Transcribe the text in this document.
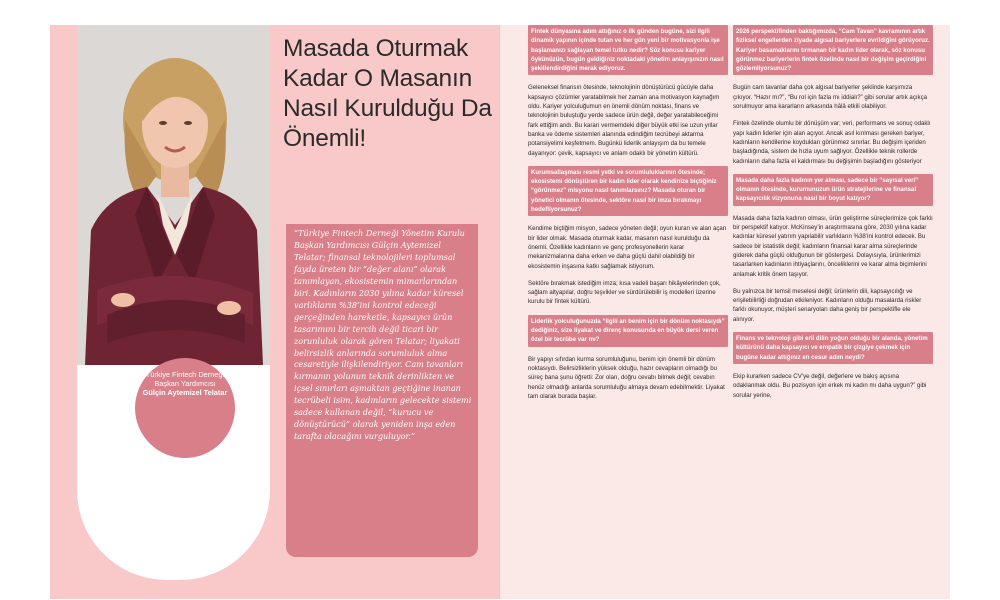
Türkiye Fintech Derneği Başkan Yardımcısı
Gülçin Aytemizel Telatar
Masada Oturmak Kadar O Masanın Nasıl Kurulduğu Da Önemli!
“Türkiye Fintech Derneği Yönetim Kurulu Başkan Yardımcısı Gülçin Aytemizel Telatar; finansal teknolojileri toplumsal fayda üreten bir “değer alanı” olarak tanımlayan, ekosistemin mimarlarından biri. Kadınların 2030 yılına kadar küresel varlıkların %38’ini kontrol edeceği gerçeğinden hareketle, kapsayıcı ürün tasarımını bir tercih değil ticari bir zorunluluk olarak gören Telatar; liyakati belirsizlik anlarında sorumluluk alma cesaretiyle ilişkilendiriyor. Cam tavanları kırmanın yolunun teknik derinlikten ve içsel sınırları aşmaktan geçtiğine inanan tecrübeli isim, kadınların gelecekte sistemi sadece kullanan değil, “kurucu ve dönüştürücü” olarak yeniden inşa eden tarafta olacağını vurguluyor.”

Fintek dünyasına adım attığınız o ilk günden bugüne, sizi ilgili dinamik yapının içinde tutan ve her gün yeni bir motivasyonla işe başlamanızı sağlayan temel tutku nedir? Söz konusu kariyer öykünüzün, bugün geldiğiniz noktadaki yönetim anlayışınızın nasıl şekillendirdiğini merak ediyoruz.

Geleneksel finansın ötesinde, teknolojinin dönüştürücü gücüyle daha kapsayıcı çözümler yaratabilmek her zaman ana motivasyon kaynağım oldu. Kariyer yolculuğumun en önemli dönüm noktası, finans ve teknolojinin buluştuğu yerde sadece ürün değil, değer yaratabileceğimi fark ettiğim andı. Bu kararı vermemdeki diğer büyük etki ise uzun yıllar banka ve ödeme sistemleri alanında edindiğim tecrübeyi aktarma potansiyelimi keşfetmem. Bugünkü liderlik anlayışım da bu temele dayanıyor: çevik, kapsayıcı ve anlam odaklı bir yönetim kültürü.

Kurumsallaşması resmi yetki ve sorumluluklarının ötesinde; ekosistemi dönüştüren bir kadın lider olarak kendinize biçtiğiniz “görünmez” misyonu nasıl tanımlarsınız? Masada oturan bir yönetici olmanın ötesinde, sektöre nasıl bir imza bırakmayı hedefliyorsunuz?

Kendime biçtiğim misyon, sadece yöneten değil; oyun kuran ve alan açan bir lider olmak. Masada oturmak kadar, masanın nasıl kurulduğu da önemli. Özellikle kadınların ve genç profesyonellerin karar mekanizmalarına daha erken ve daha güçlü dahil olabildiği bir ekosistemin inşasına katkı sağlamak istiyorum.

Sektöre bırakmak istediğim imza; kısa vadeli başarı hikâyelerinden çok, sağlam altyapılar, doğru teşvikler ve sürdürülebilir iş modelleri üzerine kurulu bir fintek kültürü.

Liderlik yolculuğunuzda “ilgili an benim için bir dönüm noktasıydı” dediğiniz, size liyakat ve direnç konusunda en büyük dersi veren özel bir tecrübe var mı?

Bir yapıyı sıfırdan kurma sorumluluğunu, benim için önemli bir dönüm noktasıydı. Belirsizliklerin yüksek olduğu, hazır cevapların olmadığı bu süreç bana şunu öğretti: Zor olan, doğru cevabı bilmek değil; cevabın henüz olmadığı anlarda sorumluluğu almaya devam edebilmektir. Liyakat tam olarak burada başlar.

2026 perspektifinden baktığımızda, “Cam Tavan” kavramının artık fiziksel engellerden ziyade algısal bariyerlere evrildiğini görüyoruz. Kariyer basamaklarını tırmanan bir kadın lider olarak, söz konusu görünmez bariyerlerin fintek özelinde nasıl bir değişim geçirdiğini gözlemliyorsunuz?

Bugün cam tavanlar daha çok algısal bariyerler şeklinde karşımıza çıkıyor. “Hazır mı?”, “Bu rol için fazla mı iddialı?” gibi sorular artık açıkça sorulmuyor ama kararların arkasında hâlâ etkili olabiliyor.

Fintek özelinde olumlu bir dönüşüm var; veri, performans ve sonuç odaklı yapı kadın liderler için alan açıyor. Ancak asıl kırılması gereken bariyer, kadınların kendilerine koydukları görünmez sınırlar. Bu değişim içeriden başladığında, sistem de hızla uyum sağlıyor. Özellikle teknik rollerde kadınların daha fazla el kaldırması bu değişimin başladığını gösteriyor

Masada daha fazla kadının yer alması, sadece bir “sayısal veri” olmanın ötesinde, kurumunuzun ürün stratejilerine ve finansal kapsayıcılık vizyonuna nasıl bir boyut katıyor?

Masada daha fazla kadının olması, ürün geliştirme süreçlerimize çok farklı bir perspektif katıyor. McKinsey’in araştırmasına göre, 2030 yılına kadar kadınlar küresel yatırım yapılabilir varlıkların %38’ini kontrol edecek. Bu sadece bir istatistik değil; kadınların finansal karar alma süreçlerinde giderek daha güçlü olduğunun bir göstergesi. Dolayısıyla, ürünlerimizi tasarlarken kadınların ihtiyaçlarını, önceliklerini ve karar alma biçimlerini anlamak kritik önem taşıyor.

Bu yalnızca bir temsil meselesi değil; ürünlerin dili, kapsayıcılığı ve erişilebilirliği doğrudan etkileniyor. Kadınların olduğu masalarda riskler farklı okunuyor, müşteri senaryoları daha geniş bir perspektifle ele alınıyor.

Finans ve teknoloji gibi eril dilin yoğun olduğu bir alanda, yönetim kültürünü daha kapsayıcı ve empatik bir çizgiye çekmek için bugüne kadar attığınız en cesur adım neydi?

Ekip kurarken sadece CV’ye değil, değerlere ve bakış açısına odaklanmak oldu. Bu pozisyon için erkek mi kadın mı daha uygun?” gibi sorular yerine,
